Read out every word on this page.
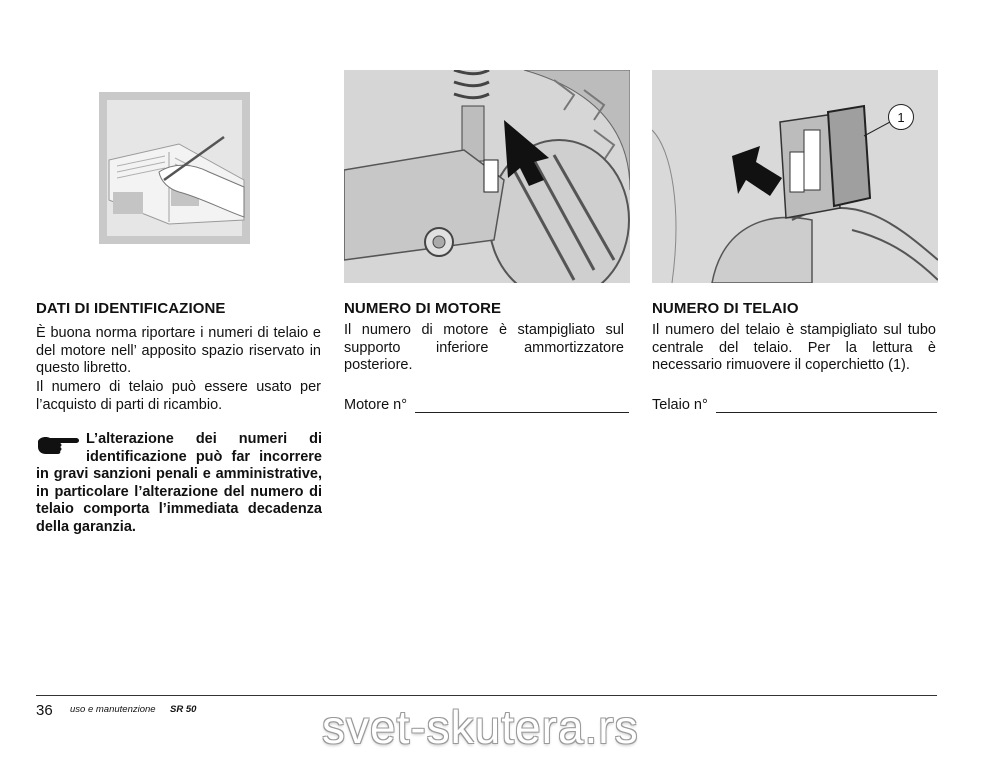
1
DATI DI IDENTIFICAZIONE
È buona norma riportare i numeri di telaio e del motore nell’ apposito spazio riservato in questo libretto.
Il numero di telaio può essere usato per l’acquisto di parti di ricambio.
L’alterazione dei numeri di identificazione può far incorrere in gravi sanzioni penali e amministrative, in particolare l’alterazione del numero di telaio comporta l’immediata decadenza della garanzia.
NUMERO DI MOTORE
Il numero di motore è stampigliato sul supporto inferiore ammortizzatore posteriore.
Motore n°
NUMERO DI TELAIO
Il numero del telaio è stampigliato sul tubo centrale del telaio. Per la lettura è necessario rimuovere il coperchietto (1).
Telaio n°
36 uso e manutenzione SR 50	svet-skutera.rs
